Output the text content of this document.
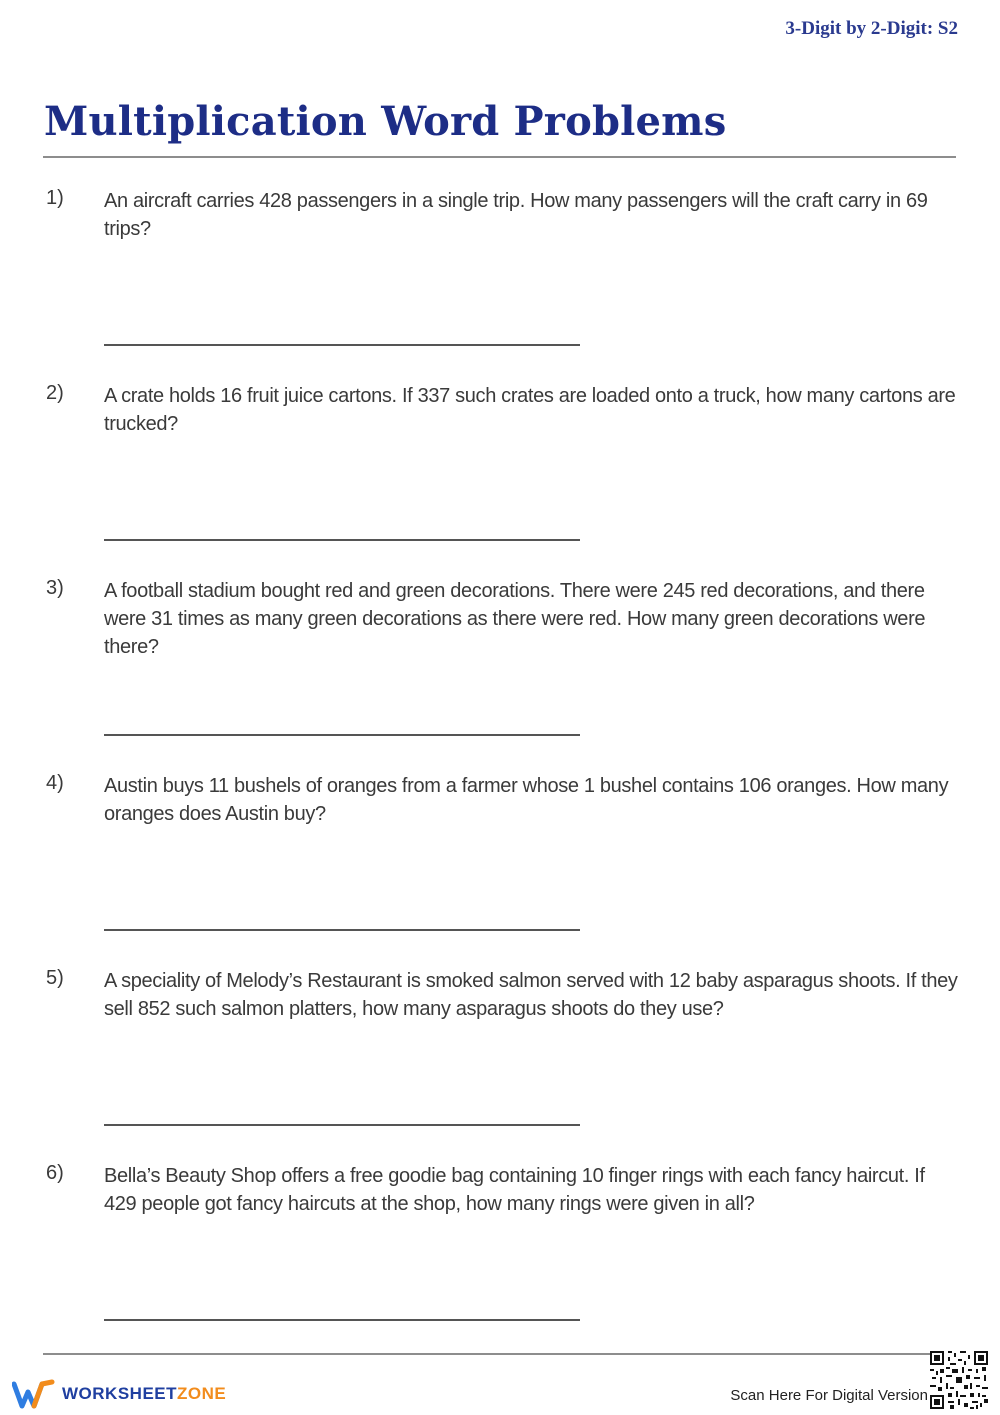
3-Digit by 2-Digit: S2
Multiplication Word Problems
1) An aircraft carries 428 passengers in a single trip. How many passengers will the craft carry in 69 trips?
2) A crate holds 16 fruit juice cartons. If 337 such crates are loaded onto a truck, how many cartons are trucked?
3) A football stadium bought red and green decorations. There were 245 red decorations, and there were 31 times as many green decorations as there were red. How many green decorations were there?
4) Austin buys 11 bushels of oranges from a farmer whose 1 bushel contains 106 oranges. How many oranges does Austin buy?
5) A speciality of Melody’s Restaurant is smoked salmon served with 12 baby asparagus shoots. If they sell 852 such salmon platters, how many asparagus shoots do they use?
6) Bella’s Beauty Shop offers a free goodie bag containing 10 finger rings with each fancy haircut. If 429 people got fancy haircuts at the shop, how many rings were given in all?
WORKSHEETZONE	Scan Here For Digital Version
